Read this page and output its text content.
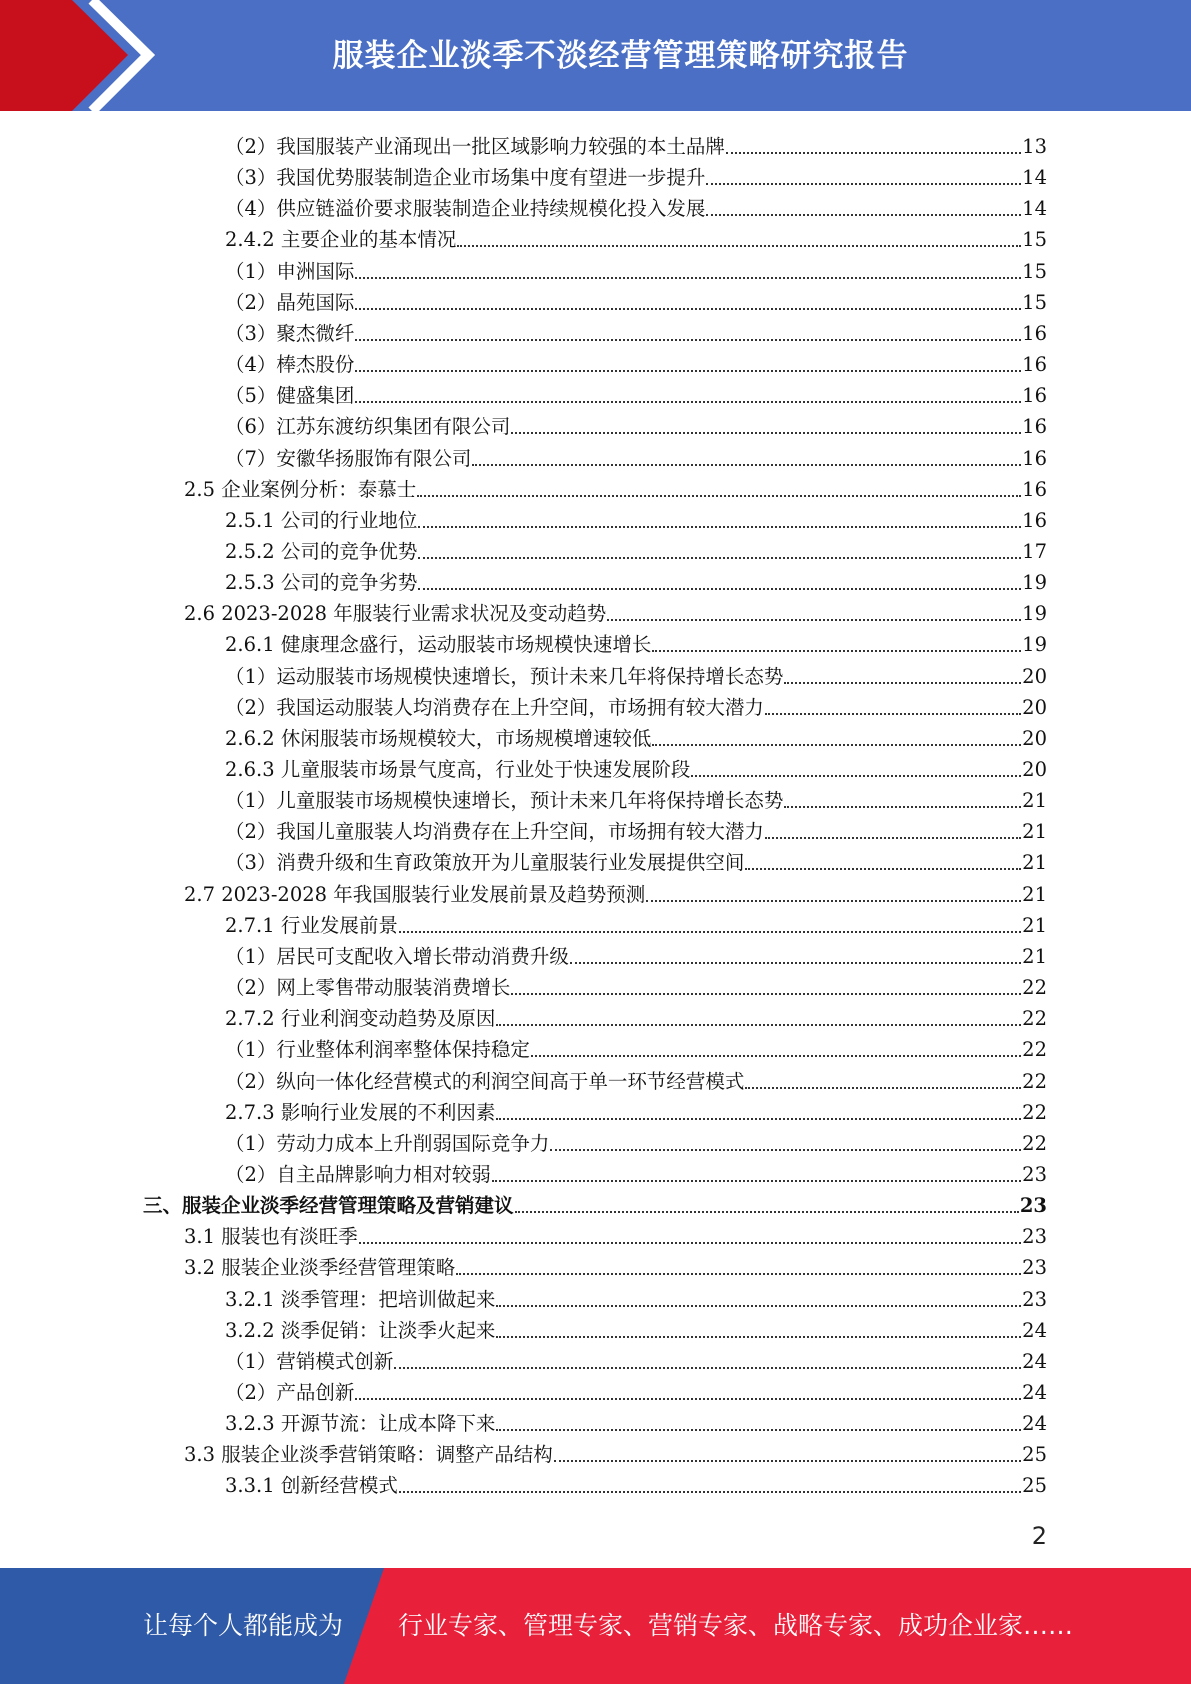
服装企业淡季不淡经营管理策略研究报告
（2）我国服装产业涌现出一批区域影响力较强的本土品牌	13
（3）我国优势服装制造企业市场集中度有望进一步提升	14
（4）供应链溢价要求服装制造企业持续规模化投入发展	14
2.4.2 主要企业的基本情况	15
（1）申洲国际	15
（2）晶苑国际	15
（3）聚杰微纤	16
（4）棒杰股份	16
（5）健盛集团	16
（6）江苏东渡纺织集团有限公司	16
（7）安徽华扬服饰有限公司	16
2.5 企业案例分析：泰慕士	16
2.5.1 公司的行业地位	16
2.5.2 公司的竞争优势	17
2.5.3 公司的竞争劣势	19
2.6 2023-2028 年服装行业需求状况及变动趋势	19
2.6.1 健康理念盛行，运动服装市场规模快速增长	19
（1）运动服装市场规模快速增长，预计未来几年将保持增长态势	20
（2）我国运动服装人均消费存在上升空间，市场拥有较大潜力	20
2.6.2 休闲服装市场规模较大，市场规模增速较低	20
2.6.3 儿童服装市场景气度高，行业处于快速发展阶段	20
（1）儿童服装市场规模快速增长，预计未来几年将保持增长态势	21
（2）我国儿童服装人均消费存在上升空间，市场拥有较大潜力	21
（3）消费升级和生育政策放开为儿童服装行业发展提供空间	21
2.7 2023-2028 年我国服装行业发展前景及趋势预测	21
2.7.1 行业发展前景	21
（1）居民可支配收入增长带动消费升级	21
（2）网上零售带动服装消费增长	22
2.7.2 行业利润变动趋势及原因	22
（1）行业整体利润率整体保持稳定	22
（2）纵向一体化经营模式的利润空间高于单一环节经营模式	22
2.7.3 影响行业发展的不利因素	22
（1）劳动力成本上升削弱国际竞争力	22
（2）自主品牌影响力相对较弱	23
三、服装企业淡季经营管理策略及营销建议	23
3.1 服装也有淡旺季	23
3.2 服装企业淡季经营管理策略	23
3.2.1 淡季管理：把培训做起来	23
3.2.2 淡季促销：让淡季火起来	24
（1）营销模式创新	24
（2）产品创新	24
3.2.3 开源节流：让成本降下来	24
3.3 服装企业淡季营销策略：调整产品结构	25
3.3.1 创新经营模式	25
2
让每个人都能成为 行业专家、管理专家、营销专家、战略专家、成功企业家……
